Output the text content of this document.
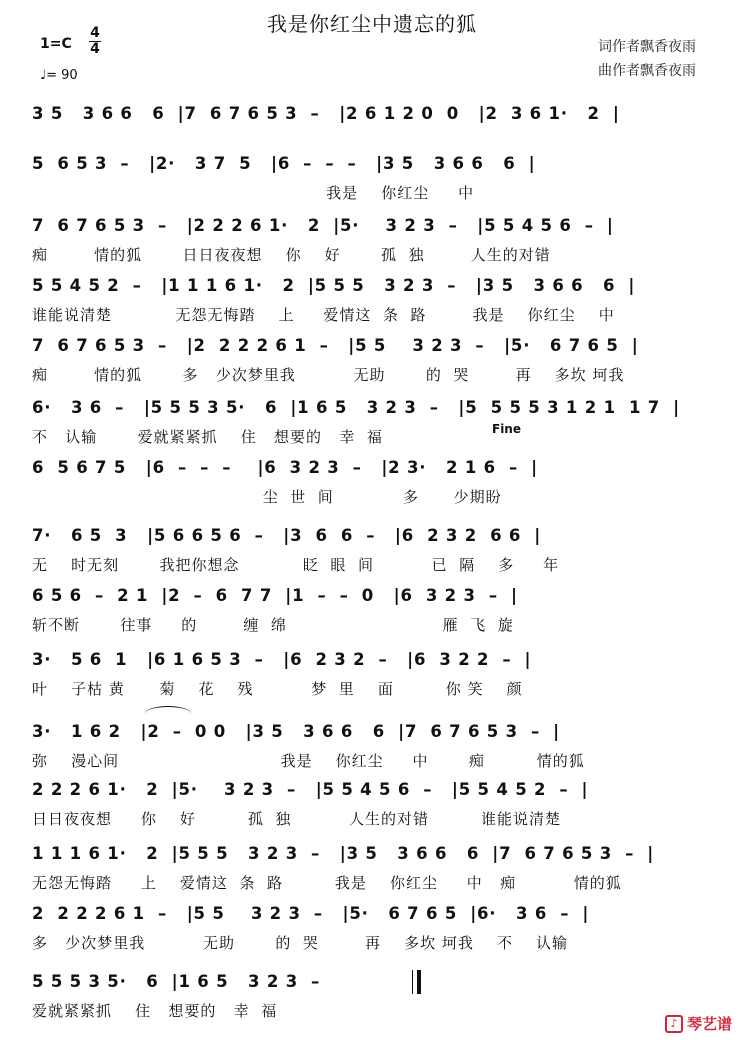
我是你红尘中遗忘的狐
1=C
4
4
♩= 90
词作者飘香夜雨
曲作者飘香夜雨
3 5   3 6 6   6  |7  6 7 6 5 3  –   |2 6 1 2 0  0   |2  3 6 1·   2  |
5  6 5 3  –   |2·   3 7  5   |6  –  –  –   |3 5   3 6 6   6  |
我是    你红尘     中
7  6 7 6 5 3  –   |2 2 2 6 1·   2  |5·    3 2 3  –   |5 5 4 5 6  –  |
痴        情的狐       日日夜夜想    你    好       孤  独        人生的对错
5 5 4 5 2  –   |1 1 1 6 1·   2  |5 5 5   3 2 3  –   |3 5   3 6 6   6  |
谁能说清楚           无怨无悔踏    上     爱情这  条  路        我是    你红尘    中
7  6 7 6 5 3  –   |2  2 2 2 6 1  –   |5 5    3 2 3  –   |5·   6 7 6 5  |
痴        情的狐       多   少次梦里我          无助       的  哭        再    多坎 坷我
6·   3 6  –   |5 5 5 3 5·   6  |1 6 5   3 2 3  –   |5  5 5 5 3 1 2 1  1 7  |
不   认输       爱就紧紧抓    住   想要的   幸  福
6  5 6 7 5   |6  –  –  –    |6  3 2 3  –   |2 3·   2 1 6  –  |
尘  世  间            多      少期盼
7·   6 5  3   |5 6 6 5 6  –   |3  6  6  –   |6  2 3 2  6 6  |
无    时无刻       我把你想念           眨  眼  间          已  隔    多     年
6 5 6  –  2 1  |2  –  6  7 7  |1  –  –  0   |6  3 2 3  –  |
斩不断       往事     的        缠  绵                           雁  飞  旋
3·   5 6  1   |6 1 6 5 3  –   |6  2 3 2  –   |6  3 2 2  –  |
叶    子枯 黄      菊    花    残          梦  里    面         你 笑    颜
3·   1 6 2   |2  –  0 0   |3 5   3 6 6   6  |7  6 7 6 5 3  –  |
弥    漫心间                            我是    你红尘     中       痴         情的狐
2 2 2 6 1·   2  |5·    3 2 3  –   |5 5 4 5 6  –   |5 5 4 5 2  –  |
日日夜夜想     你    好         孤  独          人生的对错         谁能说清楚
1 1 1 6 1·   2  |5 5 5   3 2 3  –   |3 5   3 6 6   6  |7  6 7 6 5 3  –  |
无怨无悔踏     上    爱情这  条  路         我是    你红尘     中   痴          情的狐
2  2 2 2 6 1  –   |5 5    3 2 3  –   |5·   6 7 6 5  |6·   3 6  –  |
多   少次梦里我          无助       的  哭        再    多坎 坷我    不    认输
5 5 5 3 5·   6  |1 6 5   3 2 3  –
爱就紧紧抓    住   想要的   幸  福
Fine
♪ 琴艺谱
